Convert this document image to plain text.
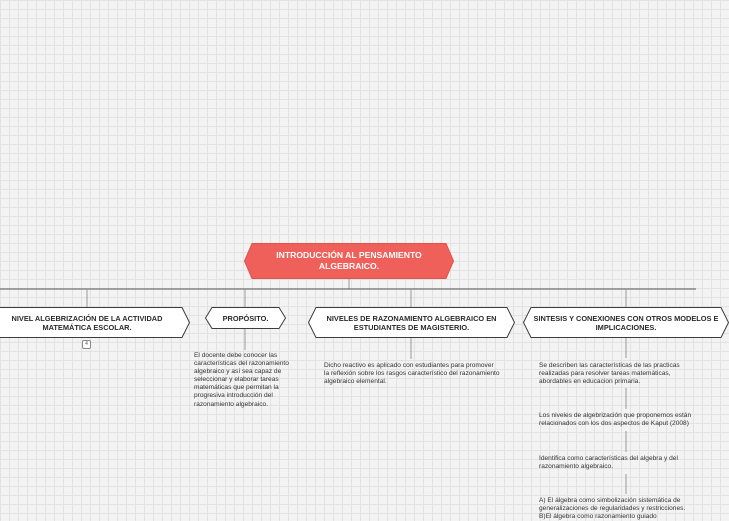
INTRODUCCIÓN AL PENSAMIENTO ALGEBRAICO.
NIVEL ALGEBRIZACIÓN DE LA ACTIVIDAD MATEMÁTICA ESCOLAR.
PROPÓSITO.	NIVELES DE RAZONAMIENTO ALGEBRAICO EN ESTUDIANTES DE MAGISTERIO.
SINTESIS Y CONEXIONES CON OTROS MODELOS E IMPLICACIONES.
4
El docente debe conocer las características del razonamiento algebraico y así sea capaz de seleccionar y elaborar tareas matemáticas que permitan la progresiva introducción del razonamiento algebraico.
Dicho reactivo es aplicado con estudiantes para promover la reflexión sobre los rasgos característico del razonamiento algebraico elemental.
Se describen las características de las practicas realizadas para resolver tareas matemáticas, abordables en educacion primaria.
Los niveles de algebrización que proponemos están relacionados con los dos aspectos de Kaput (2008)
Identifica como características del algebra y del razonamiento algebraico.
A) El álgebra como simbolización sistemática de generalizaciones de regularidades y restricciones. B)El álgebra como razonamiento guiado
